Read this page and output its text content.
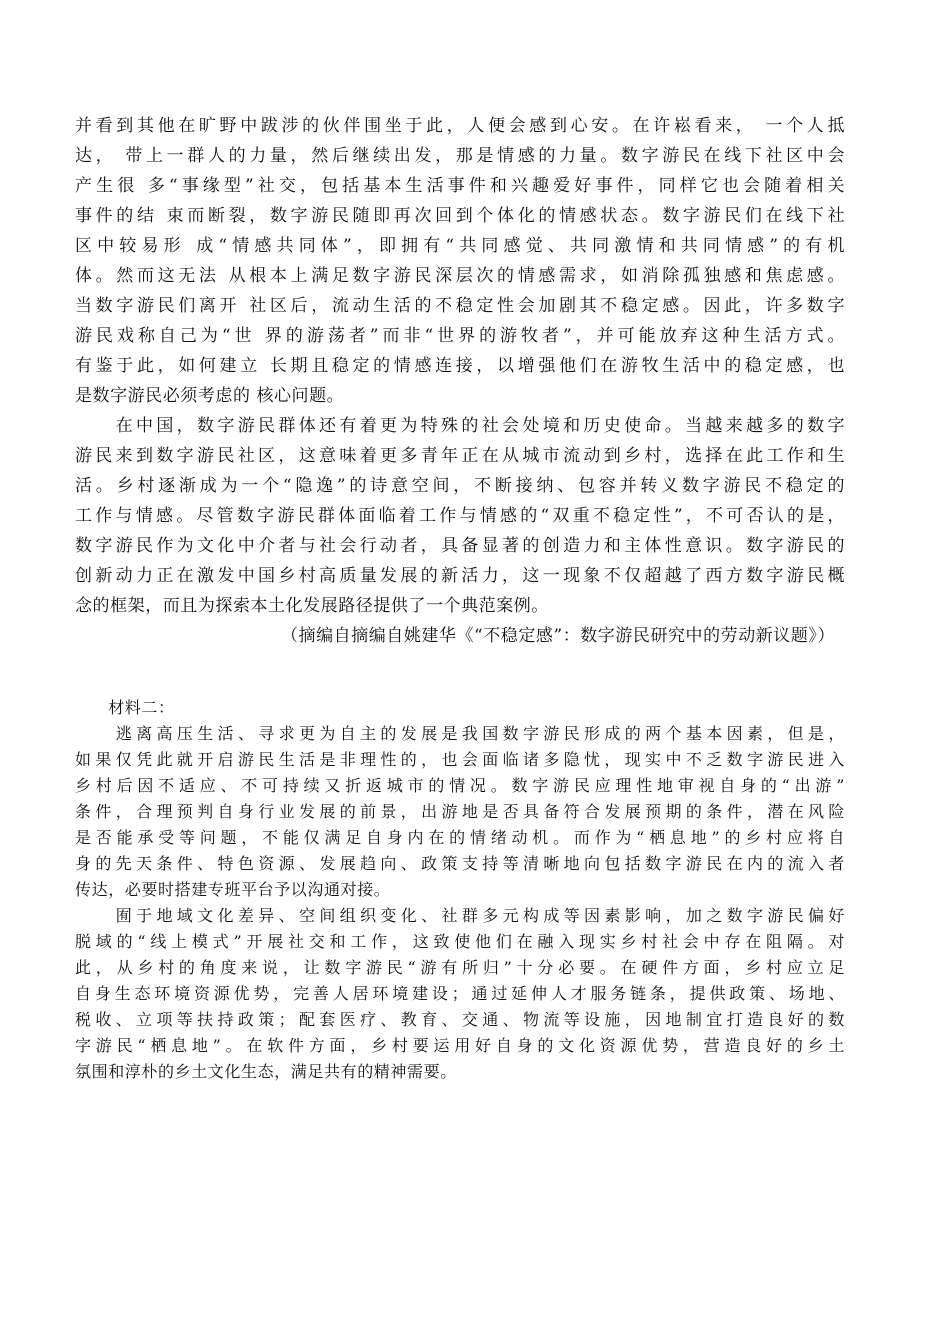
并看到其他在旷野中跋涉的伙伴围坐于此，人便会感到心安。在许崧看来， 一个人抵
达， 带上一群人的力量，然后继续出发，那是情感的力量。数字游民在线下社区中会
产生很 多“事缘型”社交，包括基本生活事件和兴趣爱好事件，同样它也会随着相关
事件的结 束而断裂，数字游民随即再次回到个体化的情感状态。数字游民们在线下社
区中较易形 成“情感共同体”，即拥有“共同感觉、共同激情和共同情感”的有机
体。然而这无法 从根本上满足数字游民深层次的情感需求，如消除孤独感和焦虑感。
当数字游民们离开 社区后，流动生活的不稳定性会加剧其不稳定感。因此，许多数字
游民戏称自己为“世 界的游荡者”而非“世界的游牧者”，并可能放弃这种生活方式。
有鉴于此，如何建立 长期且稳定的情感连接，以增强他们在游牧生活中的稳定感，也
是数字游民必须考虑的 核心问题。
　　在中国，数字游民群体还有着更为特殊的社会处境和历史使命。当越来越多的数字
游民来到数字游民社区，这意味着更多青年正在从城市流动到乡村，选择在此工作和生
活。乡村逐渐成为一个“隐逸”的诗意空间，不断接纳、包容并转义数字游民不稳定的
工作与情感。尽管数字游民群体面临着工作与情感的“双重不稳定性”，不可否认的是，
数字游民作为文化中介者与社会行动者，具备显著的创造力和主体性意识。数字游民的
创新动力正在激发中国乡村高质量发展的新活力，这一现象不仅超越了西方数字游民概
念的框架，而且为探索本土化发展路径提供了一个典范案例。
（摘编自摘编自姚建华《“不稳定感”：数字游民研究中的劳动新议题》）
　　材料二：
　　逃离高压生活、寻求更为自主的发展是我国数字游民形成的两个基本因素，但是，
如果仅凭此就开启游民生活是非理性的，也会面临诸多隐忧，现实中不乏数字游民进入
乡村后因不适应、不可持续又折返城市的情况。数字游民应理性地审视自身的“出游”
条件，合理预判自身行业发展的前景，出游地是否具备符合发展预期的条件，潜在风险
是否能承受等问题，不能仅满足自身内在的情绪动机。而作为“栖息地”的乡村应将自
身的先天条件、特色资源、发展趋向、政策支持等清晰地向包括数字游民在内的流入者
传达，必要时搭建专班平台予以沟通对接。
　　囿于地域文化差异、空间组织变化、社群多元构成等因素影响，加之数字游民偏好
脱域的“线上模式”开展社交和工作，这致使他们在融入现实乡村社会中存在阻隔。对
此，从乡村的角度来说，让数字游民“游有所归”十分必要。在硬件方面，乡村应立足
自身生态环境资源优势，完善人居环境建设；通过延伸人才服务链条，提供政策、场地、
税收、立项等扶持政策；配套医疗、教育、交通、物流等设施，因地制宜打造良好的数
字游民“栖息地”。在软件方面，乡村要运用好自身的文化资源优势，营造良好的乡土
氛围和淳朴的乡土文化生态，满足共有的精神需要。
